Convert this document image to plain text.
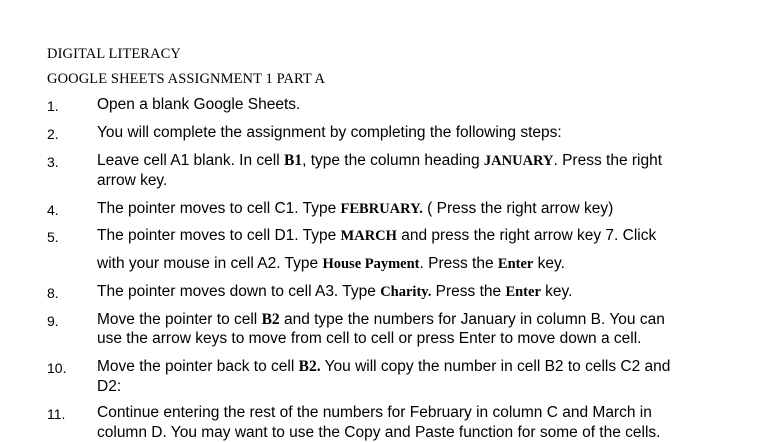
DIGITAL LITERACY
GOOGLE SHEETS ASSIGNMENT 1 PART A
1. Open a blank Google Sheets.
2. You will complete the assignment by completing the following steps:
3. Leave cell A1 blank. In cell B1, type the column heading JANUARY. Press the right
arrow key.
4. The pointer moves to cell C1. Type FEBRUARY. ( Press the right arrow key)
5. The pointer moves to cell D1. Type MARCH and press the right arrow key 7. Click
with your mouse in cell A2. Type House Payment. Press the Enter key.
8. The pointer moves down to cell A3. Type Charity. Press the Enter key.
9. Move the pointer to cell B2 and type the numbers for January in column B. You can
use the arrow keys to move from cell to cell or press Enter to move down a cell.
10. Move the pointer back to cell B2. You will copy the number in cell B2 to cells C2 and
D2:
11. Continue entering the rest of the numbers for February in column C and March in
column D. You may want to use the Copy and Paste function for some of the cells.
